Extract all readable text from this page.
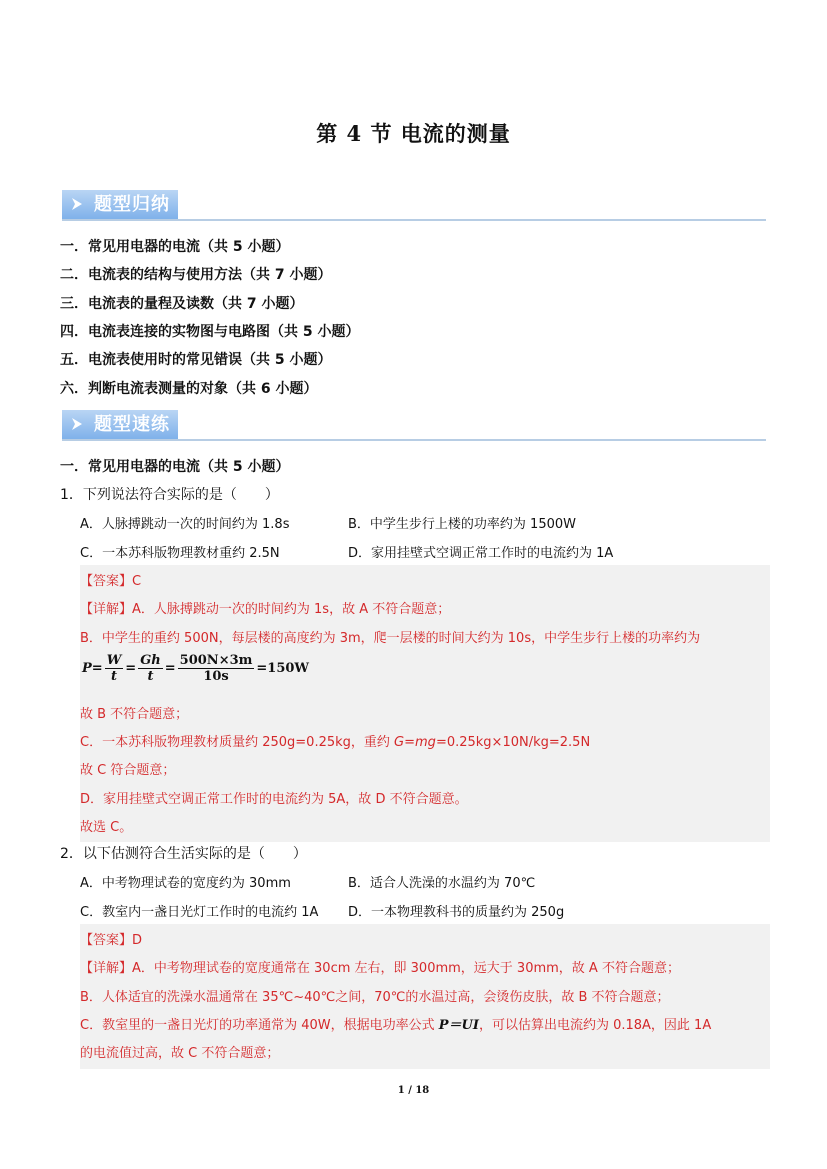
第 4 节 电流的测量
题型归纳
一．常见用电器的电流（共 5 小题）
二．电流表的结构与使用方法（共 7 小题）
三．电流表的量程及读数（共 7 小题）
四．电流表连接的实物图与电路图（共 5 小题）
五．电流表使用时的常见错误（共 5 小题）
六．判断电流表测量的对象（共 6 小题）
题型速练
一．常见用电器的电流（共 5 小题）
1．下列说法符合实际的是（　　）
A．人脉搏跳动一次的时间约为 1.8s	B．中学生步行上楼的功率约为 1500W
C．一本苏科版物理教材重约 2.5N	D．家用挂壁式空调正常工作时的电流约为 1A
【答案】C
【详解】A．人脉搏跳动一次的时间约为 1s，故 A 不符合题意；
B．中学生的重约 500N，每层楼的高度约为 3m，爬一层楼的时间大约为 10s，中学生步行上楼的功率约为
$P= \frac{W}{t} = \frac{Gh}{t} = \frac{500N\times 3m}{10s} =150W$
故 B 不符合题意；
C．一本苏科版物理教材质量约 250g=0.25kg，重约 G=mg=0.25kg×10N/kg=2.5N
故 C 符合题意；
D．家用挂壁式空调正常工作时的电流约为 5A，故 D 不符合题意。
故选 C。
2．以下估测符合生活实际的是（　　）
A．中考物理试卷的宽度约为 30mm	B．适合人洗澡的水温约为 70℃
C．教室内一盏日光灯工作时的电流约 1A D．一本物理教科书的质量约为 250g
【答案】D
【详解】A．中考物理试卷的宽度通常在 30cm 左右，即 300mm，远大于 30mm，故 A 不符合题意；
B．人体适宜的洗澡水温通常在 35℃~40℃之间，70℃的水温过高，会烫伤皮肤，故 B 不符合题意；
C．教室里的一盏日光灯的功率通常为 40W，根据电功率公式 P＝UI，可以估算出电流约为 0.18A，因此 1A
的电流值过高，故 C 不符合题意；
1 / 18
